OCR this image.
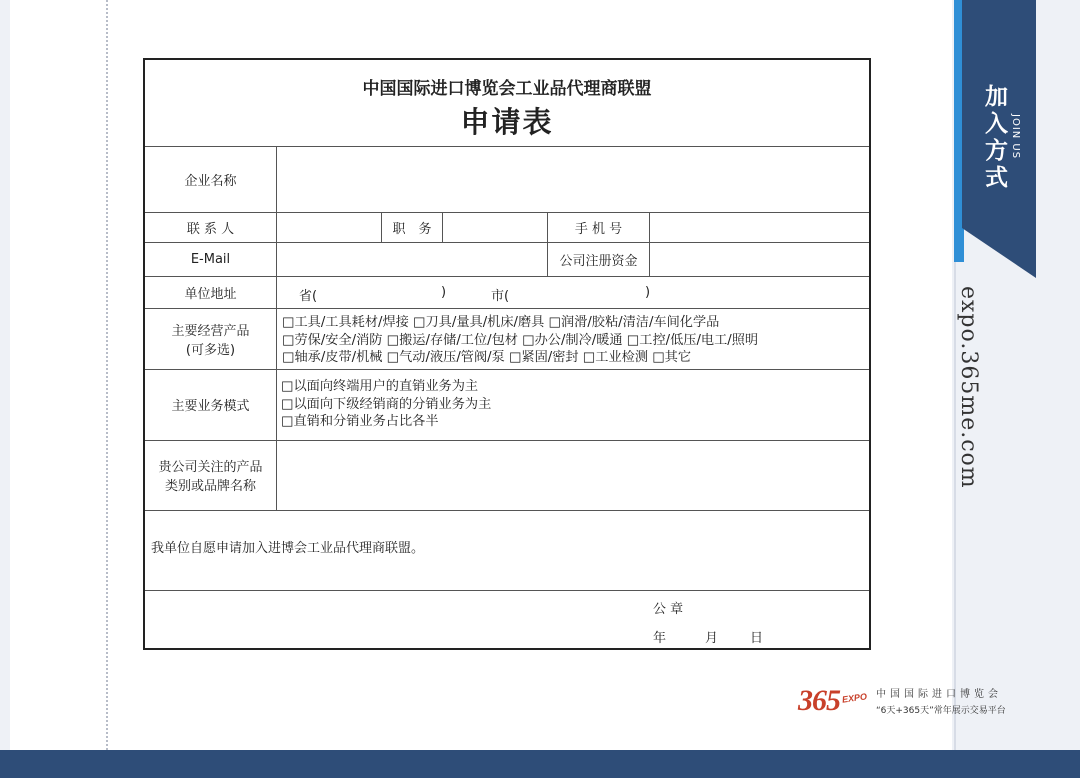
加入方式 JOIN US
expo.365me.com
中国国际进口博览会工业品代理商联盟
申请表
企业名称
联 系 人	职　务	手 机 号
E-Mail	公司注册资金
单位地址	省(	)	市(	)
主要经营产品
(可多选)
□工具/工具耗材/焊接 □刀具/量具/机床/磨具 □润滑/胶粘/清洁/车间化学品
□劳保/安全/消防 □搬运/存储/工位/包材 □办公/制冷/暖通 □工控/低压/电工/照明
□轴承/皮带/机械 □气动/液压/管阀/泵 □紧固/密封 □工业检测 □其它
主要业务模式
□以面向终端用户的直销业务为主
□以面向下级经销商的分销业务为主
□直销和分销业务占比各半
贵公司关注的产品
类别或品牌名称
我单位自愿申请加入进博会工业品代理商联盟。
公 章
年	月 日
365 EXPO 中国国际进口博览会
“6天+365天”常年展示交易平台
